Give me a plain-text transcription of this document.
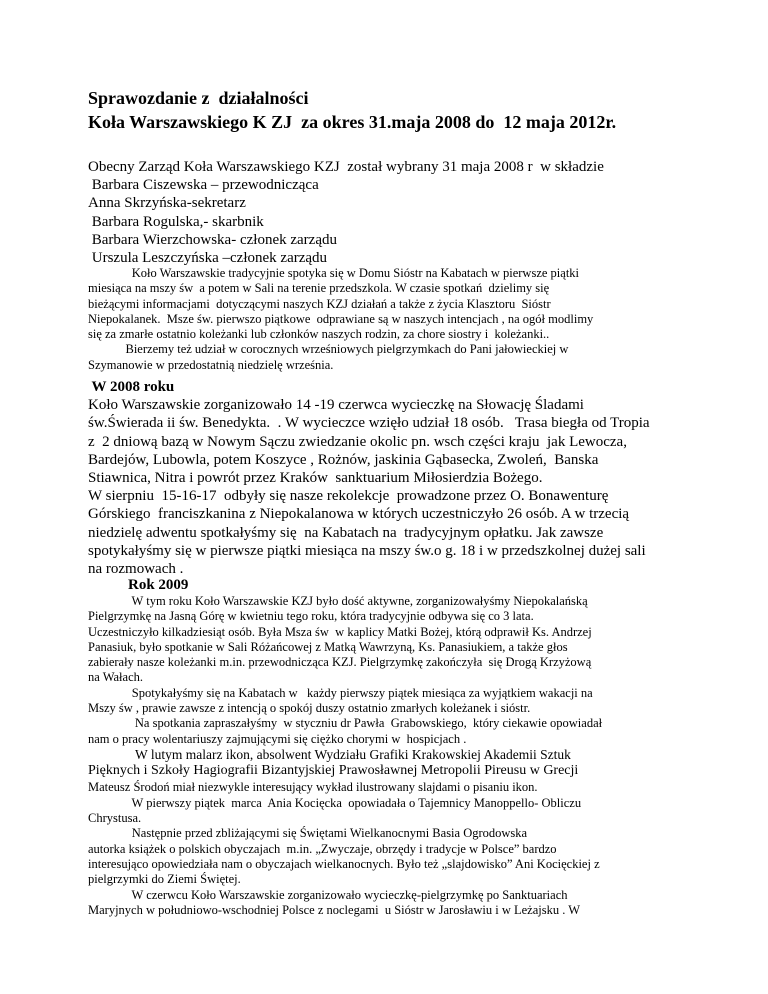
Sprawozdanie z  działalności
Koła Warszawskiego K ZJ  za okres 31.maja 2008 do  12 maja 2012r.
Obecny Zarząd Koła Warszawskiego KZJ  został wybrany 31 maja 2008 r  w składzie
Barbara Ciszewska – przewodnicząca
Anna Skrzyńska-sekretarz
Barbara Rogulska,- skarbnik
Barbara Wierzchowska- członek zarządu
Urszula Leszczyńska –członek zarządu
Koło Warszawskie tradycyjnie spotyka się w Domu Sióstr na Kabatach w pierwsze piątki
miesiąca na mszy św  a potem w Sali na terenie przedszkola. W czasie spotkań  dzielimy się
bieżącymi informacjami  dotyczącymi naszych KZJ działań a także z życia Klasztoru  Sióstr
Niepokalanek.  Msze św. pierwszo piątkowe  odprawiane są w naszych intencjach , na ogół modlimy
się za zmarłe ostatnio koleżanki lub członków naszych rodzin, za chore siostry i  koleżanki..
Bierzemy też udział w corocznych wrześniowych pielgrzymkach do Pani jałowieckiej w
Szymanowie w przedostatnią niedzielę września.
W 2008 roku
Koło Warszawskie zorganizowało 14 -19 czerwca wycieczkę na Słowację Śladami
św.Świerada ii św. Benedykta.  . W wycieczce wzięło udział 18 osób.   Trasa biegła od Tropia
z  2 dniową bazą w Nowym Sączu zwiedzanie okolic pn. wsch części kraju  jak Lewocza,
Bardejów, Lubowla, potem Koszyce , Rożnów, jaskinia Gąbasecka, Zwoleń,  Banska
Stiawnica, Nitra i powrót przez Kraków  sanktuarium Miłosierdzia Bożego.
W sierpniu  15-16-17  odbyły się nasze rekolekcje  prowadzone przez O. Bonawenturę
Górskiego  franciszkanina z Niepokalanowa w których uczestniczyło 26 osób. A w trzecią
niedzielę adwentu spotkałyśmy się  na Kabatach na  tradycyjnym opłatku. Jak zawsze
spotykałyśmy się w pierwsze piątki miesiąca na mszy św.o g. 18 i w przedszkolnej dużej sali
na rozmowach .
Rok 2009
W tym roku Koło Warszawskie KZJ było dość aktywne, zorganizowałyśmy Niepokalańską
Pielgrzymkę na Jasną Górę w kwietniu tego roku, która tradycyjnie odbywa się co 3 lata.
Uczestniczyło kilkadziesiąt osób. Była Msza św  w kaplicy Matki Bożej, którą odprawił Ks. Andrzej
Panasiuk, było spotkanie w Sali Różańcowej z Matką Wawrzyną, Ks. Panasiukiem, a także głos
zabierały nasze koleżanki m.in. przewodnicząca KZJ. Pielgrzymkę zakończyła  się Drogą Krzyżową
na Wałach.
Spotykałyśmy się na Kabatach w   każdy pierwszy piątek miesiąca za wyjątkiem wakacji na
Mszy św , prawie zawsze z intencją o spokój duszy ostatnio zmarłych koleżanek i sióstr.
Na spotkania zapraszałyśmy  w styczniu dr Pawła  Grabowskiego,  który ciekawie opowiadał
nam o pracy wolentariuszy zajmującymi się ciężko chorymi w  hospicjach .
W lutym malarz ikon, absolwent Wydziału Grafiki Krakowskiej Akademii Sztuk
Pięknych i Szkoły Hagiografii Bizantyjskiej Prawosławnej Metropolii Pireusu w Grecji
Mateusz Środoń miał niezwykle interesujący wykład ilustrowany slajdami o pisaniu ikon.
W pierwszy piątek  marca  Ania Kocięcka  opowiadała o Tajemnicy Manoppello- Obliczu
Chrystusa.
Następnie przed zbliżającymi się Świętami Wielkanocnymi Basia Ogrodowska
autorka książek o polskich obyczajach  m.in. „Zwyczaje, obrzędy i tradycje w Polsce” bardzo
interesująco opowiedziała nam o obyczajach wielkanocnych. Było też „slajdowisko” Ani Kocięckiej z
pielgrzymki do Ziemi Świętej.
W czerwcu Koło Warszawskie zorganizowało wycieczkę-pielgrzymkę po Sanktuariach
Maryjnych w południowo-wschodniej Polsce z noclegami  u Sióstr w Jarosławiu i w Leżajsku . W
